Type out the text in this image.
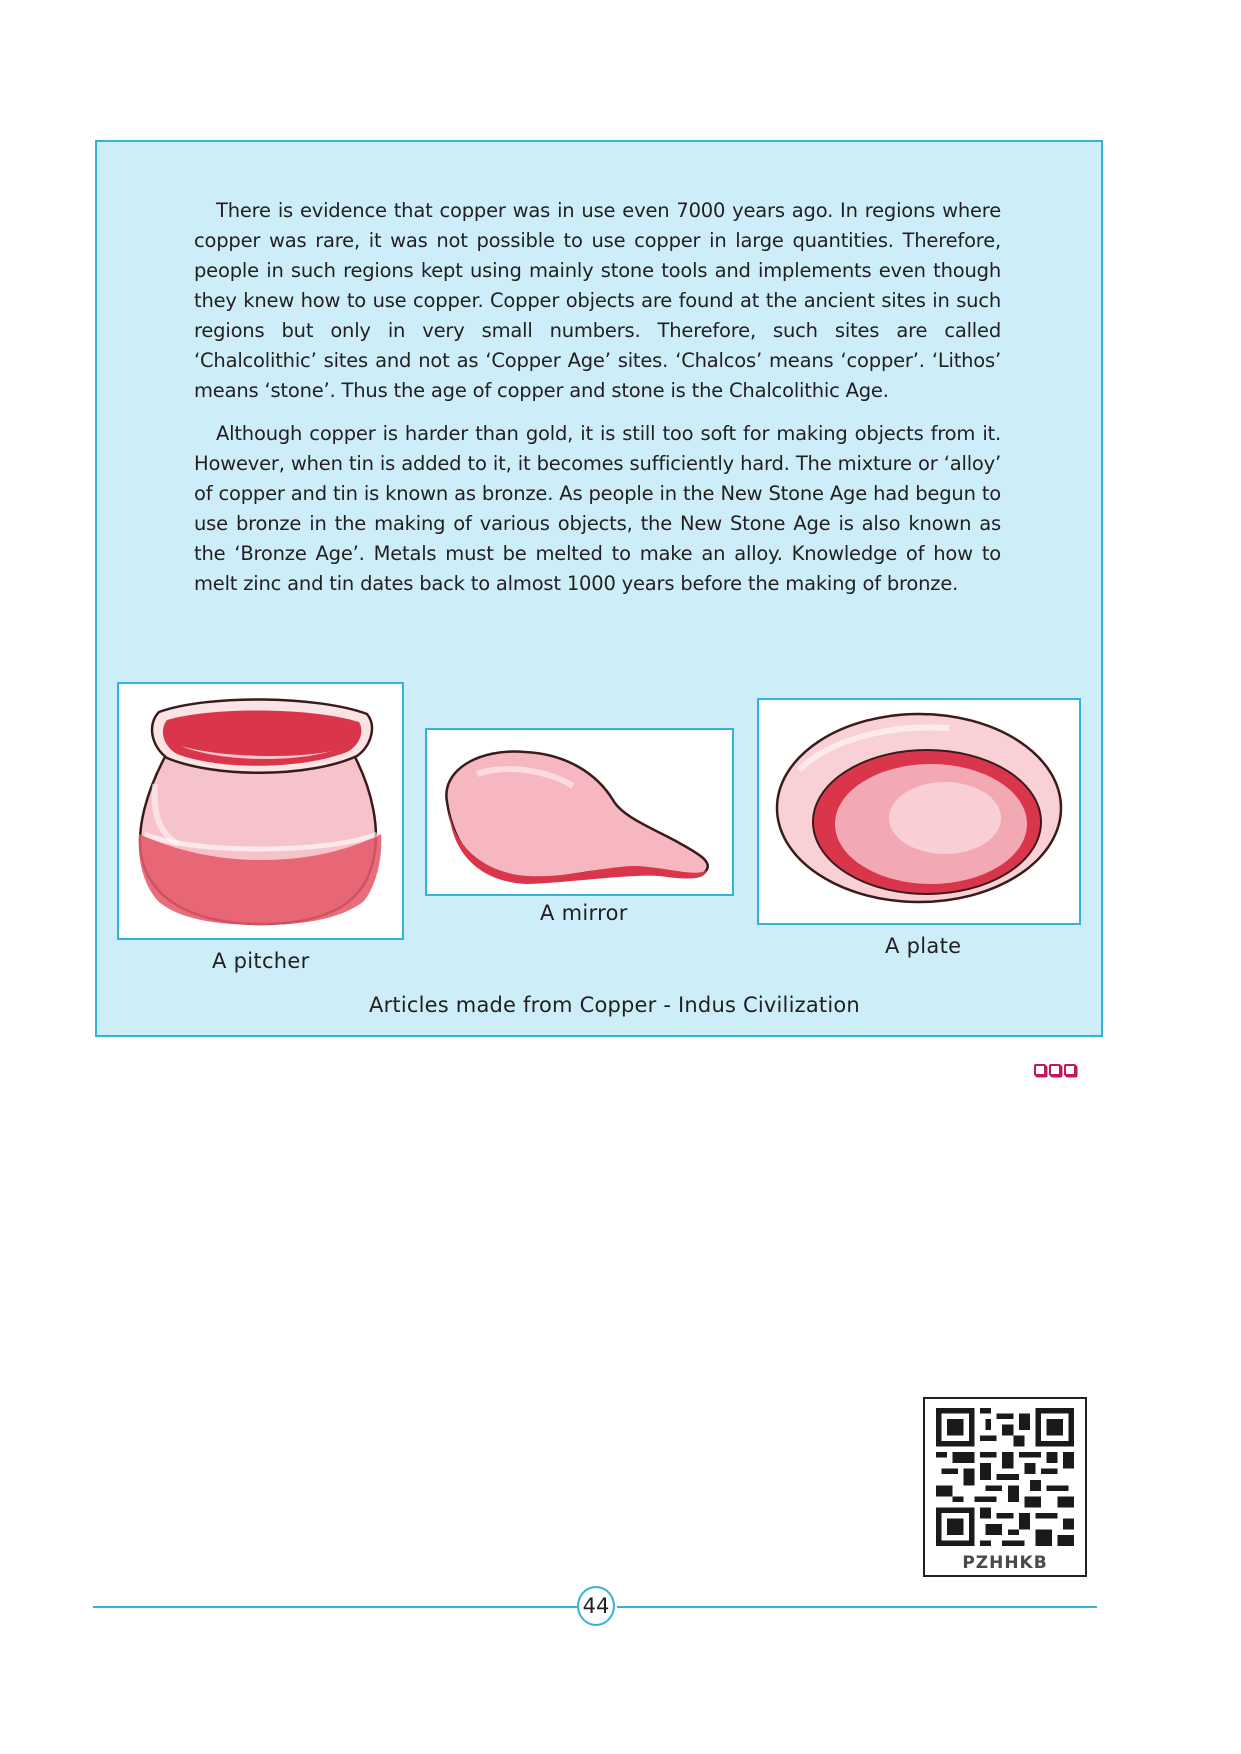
There is evidence that copper was in use even 7000 years ago. In regions where copper was rare, it was not possible to use copper in large quantities. Therefore, people in such regions kept using mainly stone tools and implements even though they knew how to use copper. Copper objects are found at the ancient sites in such regions but only in very small numbers. Therefore, such sites are called ‘Chalcolithic’ sites and not as ‘Copper Age’ sites. ‘Chalcos’ means ‘copper’. ‘Lithos’ means ‘stone’. Thus the age of copper and stone is the Chalcolithic Age.

Although copper is harder than gold, it is still too soft for making objects from it. However, when tin is added to it, it becomes sufficiently hard. The mixture or ‘alloy’ of copper and tin is known as bronze. As people in the New Stone Age had begun to use bronze in the making of various objects, the New Stone Age is also known as the ‘Bronze Age’. Metals must be melted to make an alloy. Knowledge of how to melt zinc and tin dates back to almost 1000 years before the making of bronze.

A pitcher
A mirror
A plate
Articles made from Copper - Indus Civilization
PZHHKB
44
